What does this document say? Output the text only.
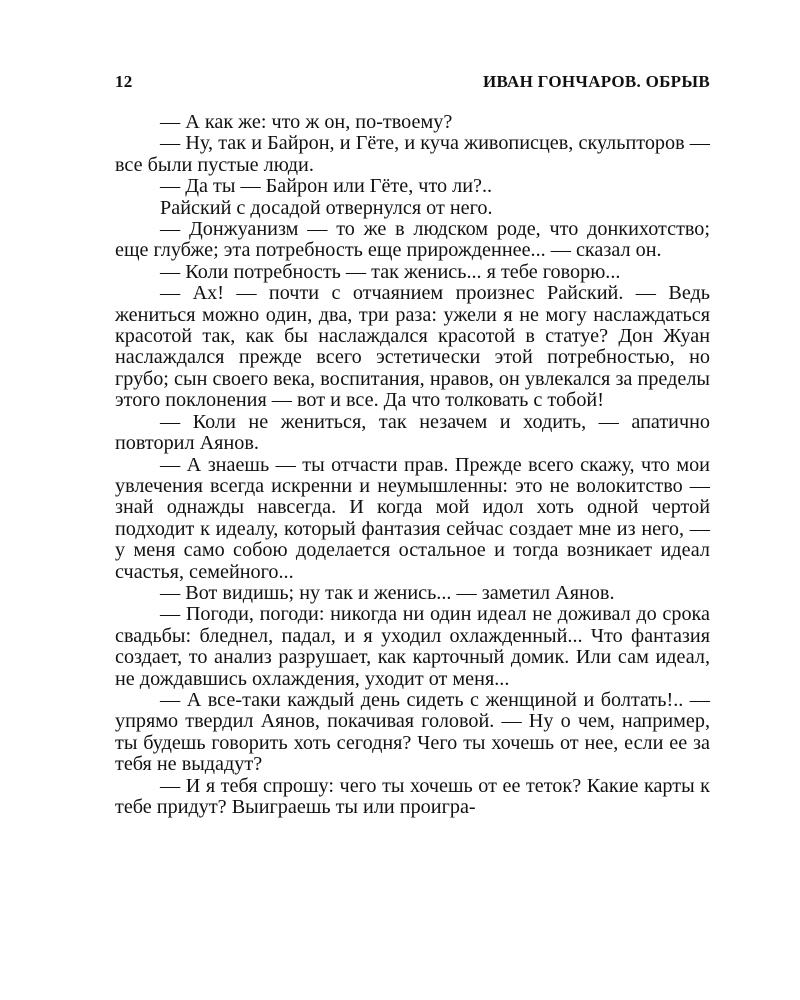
12	ИВАН ГОНЧАРОВ. ОБРЫВ

— А как же: что ж он, по-твоему?

— Ну, так и Байрон, и Гёте, и куча живописцев, скульпторов — все были пустые люди.

— Да ты — Байрон или Гёте, что ли?..

Райский с досадой отвернулся от него.

— Донжуанизм — то же в людском роде, что донкихотство; еще глубже; эта потребность еще прирожденнее... — сказал он.

— Коли потребность — так женись... я тебе говорю...

— Ах! — почти с отчаянием произнес Райский. — Ведь жениться можно один, два, три раза: ужели я не могу наслаждаться красотой так, как бы наслаждался красотой в статуе? Дон Жуан наслаждался прежде всего эстетически этой потребностью, но грубо; сын своего века, воспитания, нравов, он увлекался за пределы этого поклонения — вот и все. Да что толковать с тобой!

— Коли не жениться, так незачем и ходить, — апатично повторил Аянов.

— А знаешь — ты отчасти прав. Прежде всего скажу, что мои увлечения всегда искренни и неумышленны: это не волокитство — знай однажды навсегда. И когда мой идол хоть одной чертой подходит к идеалу, который фантазия сейчас создает мне из него, — у меня само собою доделается остальное и тогда возникает идеал счастья, семейного...

— Вот видишь; ну так и женись... — заметил Аянов.

— Погоди, погоди: никогда ни один идеал не доживал до срока свадьбы: бледнел, падал, и я уходил охлажденный... Что фантазия создает, то анализ разрушает, как карточный домик. Или сам идеал, не дождавшись охлаждения, уходит от меня...

— А все-таки каждый день сидеть с женщиной и болтать!.. — упрямо твердил Аянов, покачивая головой. — Ну о чем, например, ты будешь говорить хоть сегодня? Чего ты хочешь от нее, если ее за тебя не выдадут?

— И я тебя спрошу: чего ты хочешь от ее теток? Какие карты к тебе придут? Выиграешь ты или проигра-
